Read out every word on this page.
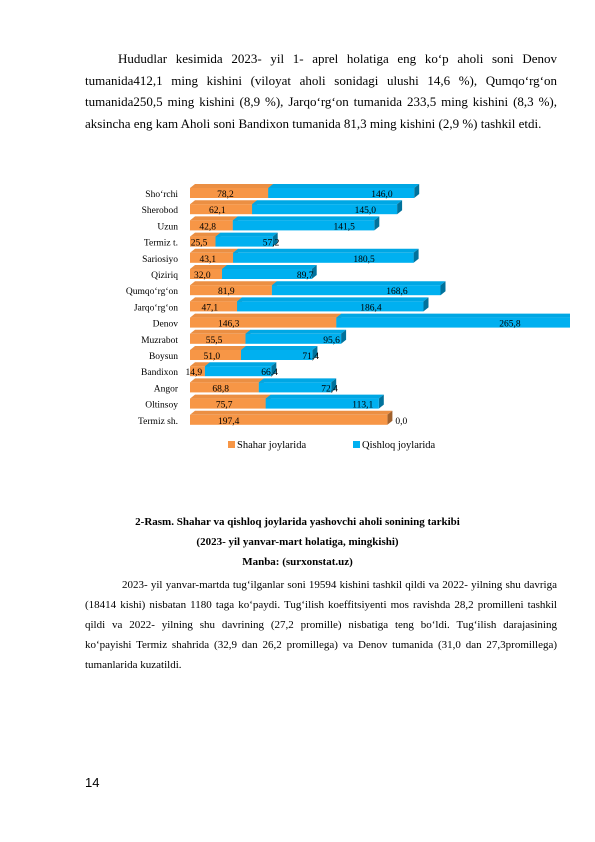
Hududlar kesimida 2023- yil 1- aprel holatiga eng ko‘p aholi soni Denov tumanida412,1 ming kishini (viloyat aholi sonidagi ulushi 14,6 %), Qumqo‘rg‘on tumanida250,5 ming kishini (8,9 %), Jarqo‘rg‘on tumanida 233,5 ming kishini (8,3 %), aksincha eng kam Aholi soni Bandixon tumanida 81,3 ming kishini (2,9 %) tashkil etdi.

Sho‘rchi	78,2	146,0
Sherobod	62,1	145,0
Uzun 42,8	141,5
Termiz t. 25,5	57,2
Sariosiyo 43,1	180,5
Qiziriq 32,0	89,7
Qumqo‘rg‘on	81,9	168,6
Jarqo‘rg‘on 47,1	186,4
Denov	146,3	265,8
Muzrabot	55,5	95,6
Boysun	51,0	71,4
Bandixon 14,9	66,4
Angor	68,8	72,4
Oltinsoy	75,7	113,1
Termiz sh.	197,4	0,0
Shahar joylarida	Qishloq joylarida

2-Rasm. Shahar va qishloq joylarida yashovchi aholi sonining tarkibi

(2023- yil yanvar-mart holatiga, mingkishi)

Manba: (surxonstat.uz)

2023- yil yanvar-martda tug‘ilganlar soni 19594 kishini tashkil qildi va 2022- yilning shu davriga (18414 kishi) nisbatan 1180 taga ko‘paydi. Tug‘ilish koeffitsiyenti mos ravishda 28,2 promilleni tashkil qildi va 2022- yilning shu davrining (27,2 promille) nisbatiga teng bo‘ldi. Tug‘ilish darajasining ko‘payishi Termiz shahrida (32,9 dan 26,2 promillega) va Denov tumanida (31,0 dan 27,3promillega) tumanlarida kuzatildi.

14
